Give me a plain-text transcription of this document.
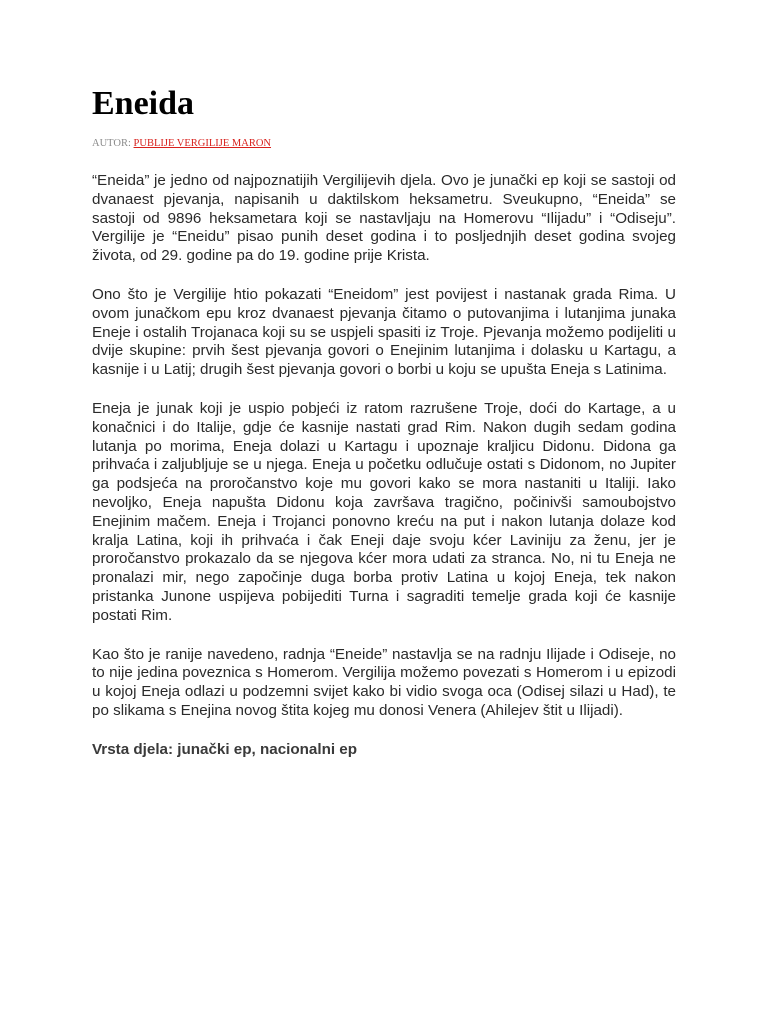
Eneida
AUTOR: PUBLIJE VERGILIJE MARON

“Eneida” je jedno od najpoznatijih Vergilijevih djela. Ovo je junački ep koji se sastoji od dvanaest pjevanja, napisanih u daktilskom heksametru. Sveukupno, “Eneida” se sastoji od 9896 heksametara koji se nastavljaju na Homerovu “Ilijadu” i “Odiseju”. Vergilije je “Eneidu” pisao punih deset godina i to posljednjih deset godina svojeg života, od 29. godine pa do 19. godine prije Krista.

Ono što je Vergilije htio pokazati “Eneidom” jest povijest i nastanak grada Rima. U ovom junačkom epu kroz dvanaest pjevanja čitamo o putovanjima i lutanjima junaka Eneje i ostalih Trojanaca koji su se uspjeli spasiti iz Troje. Pjevanja možemo podijeliti u dvije skupine: prvih šest pjevanja govori o Enejinim lutanjima i dolasku u Kartagu, a kasnije i u Latij; drugih šest pjevanja govori o borbi u koju se upušta Eneja s Latinima.

Eneja je junak koji je uspio pobjeći iz ratom razrušene Troje, doći do Kartage, a u konačnici i do Italije, gdje će kasnije nastati grad Rim. Nakon dugih sedam godina lutanja po morima, Eneja dolazi u Kartagu i upoznaje kraljicu Didonu. Didona ga prihvaća i zaljubljuje se u njega. Eneja u početku odlučuje ostati s Didonom, no Jupiter ga podsjeća na proročanstvo koje mu govori kako se mora nastaniti u Italiji. Iako nevoljko, Eneja napušta Didonu koja završava tragično, počinivši samoubojstvo Enejinim mačem. Eneja i Trojanci ponovno kreću na put i nakon lutanja dolaze kod kralja Latina, koji ih prihvaća i čak Eneji daje svoju kćer Laviniju za ženu, jer je proročanstvo prokazalo da se njegova kćer mora udati za stranca. No, ni tu Eneja ne pronalazi mir, nego započinje duga borba protiv Latina u kojoj Eneja, tek nakon pristanka Junone uspijeva pobijediti Turna i sagraditi temelje grada koji će kasnije postati Rim.

Kao što je ranije navedeno, radnja “Eneide” nastavlja se na radnju Ilijade i Odiseje, no to nije jedina poveznica s Homerom. Vergilija možemo povezati s Homerom i u epizodi u kojoj Eneja odlazi u podzemni svijet kako bi vidio svoga oca (Odisej silazi u Had), te po slikama s Enejina novog štita kojeg mu donosi Venera (Ahilejev štit u Ilijadi).

Vrsta djela: junački ep, nacionalni ep
